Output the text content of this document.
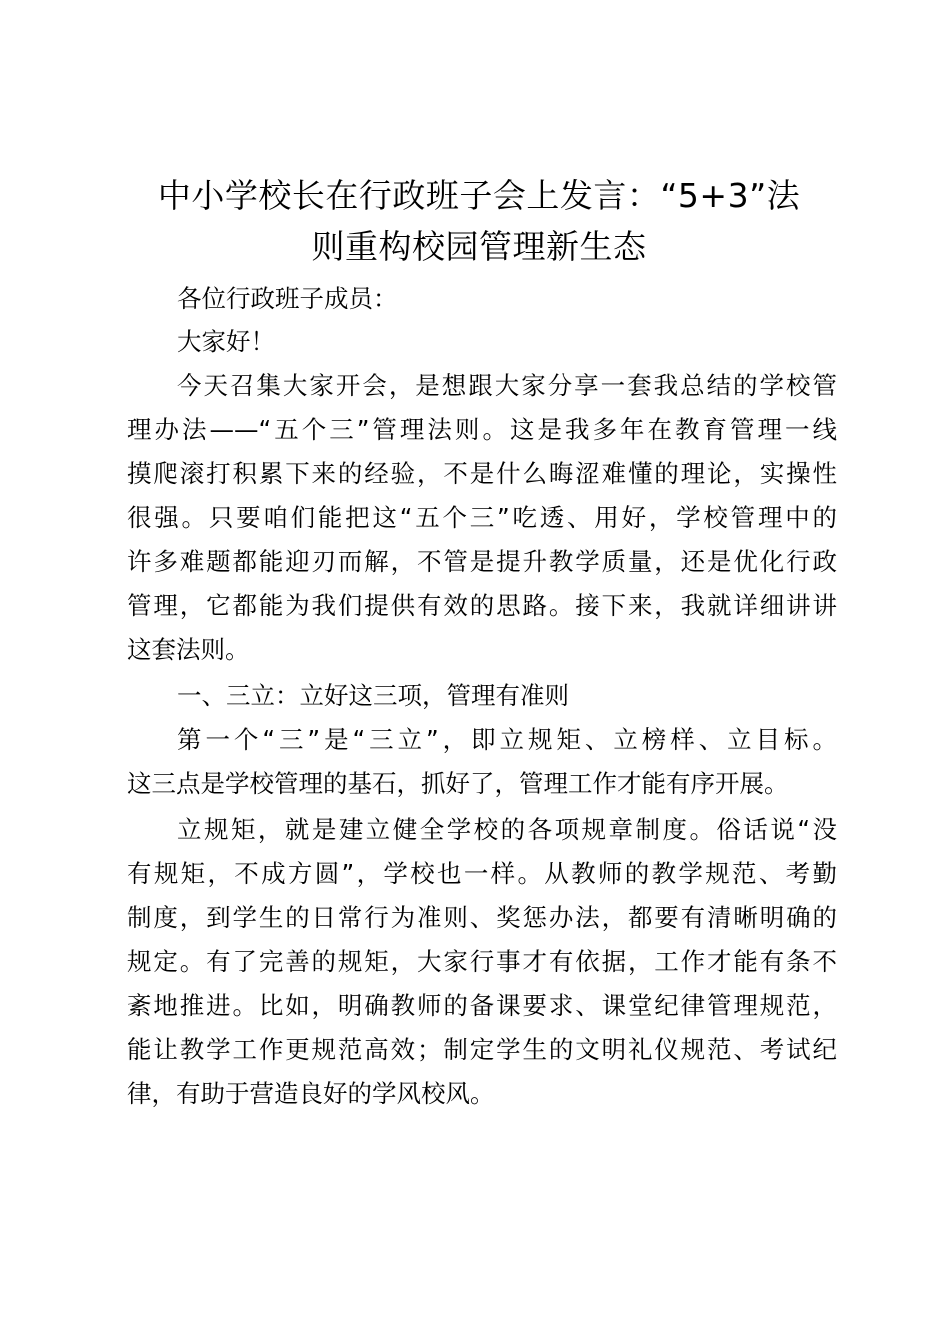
中小学校长在行政班子会上发言：“5+3”法
则重构校园管理新生态

各位行政班子成员：

大家好！

今天召集大家开会，是想跟大家分享一套我总结的学校管

理办法——“五个三”管理法则。这是我多年在教育管理一线

摸爬滚打积累下来的经验，不是什么晦涩难懂的理论，实操性

很强。只要咱们能把这“五个三”吃透、用好，学校管理中的

许多难题都能迎刃而解，不管是提升教学质量，还是优化行政

管理，它都能为我们提供有效的思路。接下来，我就详细讲讲

这套法则。

一、三立：立好这三项，管理有准则

第一个“三”是“三立”，即立规矩、立榜样、立目标。

这三点是学校管理的基石，抓好了，管理工作才能有序开展。

立规矩，就是建立健全学校的各项规章制度。俗话说“没

有规矩，不成方圆”，学校也一样。从教师的教学规范、考勤

制度，到学生的日常行为准则、奖惩办法，都要有清晰明确的

规定。有了完善的规矩，大家行事才有依据，工作才能有条不

紊地推进。比如，明确教师的备课要求、课堂纪律管理规范，

能让教学工作更规范高效；制定学生的文明礼仪规范、考试纪

律，有助于营造良好的学风校风。
